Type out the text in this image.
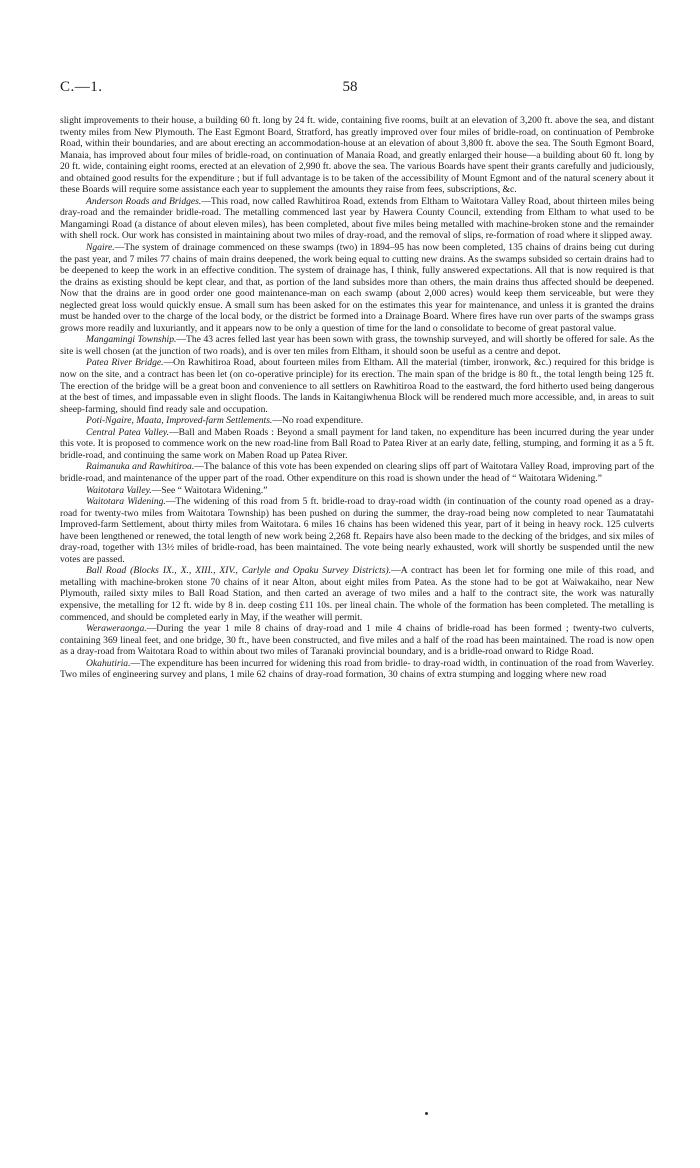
C.—1.	58

slight improvements to their house, a building 60 ft. long by 24 ft. wide, containing five rooms, built at an elevation of 3,200 ft. above the sea, and distant twenty miles from New Plymouth. The East Egmont Board, Stratford, has greatly improved over four miles of bridle-road, on continuation of Pembroke Road, within their boundaries, and are about erecting an accommodation-house at an elevation of about 3,800 ft. above the sea. The South Egmont Board, Manaia, has improved about four miles of bridle-road, on continuation of Manaia Road, and greatly enlarged their house—a building about 60 ft. long by 20 ft. wide, containing eight rooms, erected at an elevation of 2,990 ft. above the sea. The various Boards have spent their grants carefully and judiciously, and obtained good results for the expenditure ; but if full advantage is to be taken of the accessibility of Mount Egmont and of the natural scenery about it these Boards will require some assistance each year to supplement the amounts they raise from fees, subscriptions, &c.

Anderson Roads and Bridges.—This road, now called Rawhitiroa Road, extends from Eltham to Waitotara Valley Road, about thirteen miles being dray-road and the remainder bridle-road. The metalling commenced last year by Hawera County Council, extending from Eltham to what used to be Mangamingi Road (a distance of about eleven miles), has been completed, about five miles being metalled with machine-broken stone and the remainder with shell rock. Our work has consisted in maintaining about two miles of dray-road, and the removal of slips, re-formation of road where it slipped away.

Ngaire.—The system of drainage commenced on these swamps (two) in 1894–95 has now been completed, 135 chains of drains being cut during the past year, and 7 miles 77 chains of main drains deepened, the work being equal to cutting new drains. As the swamps subsided so certain drains had to be deepened to keep the work in an effective condition. The system of drainage has, I think, fully answered expectations. All that is now required is that the drains as existing should be kept clear, and that, as portion of the land subsides more than others, the main drains thus affected should be deepened. Now that the drains are in good order one good maintenance-man on each swamp (about 2,000 acres) would keep them serviceable, but were they neglected great loss would quickly ensue. A small sum has been asked for on the estimates this year for maintenance, and unless it is granted the drains must be handed over to the charge of the local body, or the district be formed into a Drainage Board. Where fires have run over parts of the swamps grass grows more readily and luxuriantly, and it appears now to be only a question of time for the land o consolidate to become of great pastoral value.

Mangamingi Township.—The 43 acres felled last year has been sown with grass, the township surveyed, and will shortly be offered for sale. As the site is well chosen (at the junction of two roads), and is over ten miles from Eltham, it should soon be useful as a centre and depot.

Patea River Bridge.—On Rawhitiroa Road, about fourteen miles from Eltham. All the material (timber, ironwork, &c.) required for this bridge is now on the site, and a contract has been let (on co-operative principle) for its erection. The main span of the bridge is 80 ft., the total length being 125 ft. The erection of the bridge will be a great boon and convenience to all settlers on Rawhitiroa Road to the eastward, the ford hitherto used being dangerous at the best of times, and impassable even in slight floods. The lands in Kaitangiwhenua Block will be rendered much more accessible, and, in areas to suit sheep-farming, should find ready sale and occupation.

Poti-Ngaire, Maata, Improved-farm Settlements.—No road expenditure.

Central Patea Valley.—Ball and Maben Roads : Beyond a small payment for land taken, no expenditure has been incurred during the year under this vote. It is proposed to commence work on the new road-line from Ball Road to Patea River at an early date, felling, stumping, and forming it as a 5 ft. bridle-road, and continuing the same work on Maben Road up Patea River.

Raimanuka and Rawhitiroa.—The balance of this vote has been expended on clearing slips off part of Waitotara Valley Road, improving part of the bridle-road, and maintenance of the upper part of the road. Other expenditure on this road is shown under the head of “ Waitotara Widening.”

Waitotara Valley.—See “ Waitotara Widening.”

Waitotara Widening.—The widening of this road from 5 ft. bridle-road to dray-road width (in continuation of the county road opened as a dray-road for twenty-two miles from Waitotara Township) has been pushed on during the summer, the dray-road being now completed to near Taumatatahi Improved-farm Settlement, about thirty miles from Waitotara. 6 miles 16 chains has been widened this year, part of it being in heavy rock. 125 culverts have been lengthened or renewed, the total length of new work being 2,268 ft. Repairs have also been made to the decking of the bridges, and six miles of dray-road, together with 13½ miles of bridle-road, has been maintained. The vote being nearly exhausted, work will shortly be suspended until the new votes are passed.

Ball Road (Blocks IX., X., XIII., XIV., Carlyle and Opaku Survey Districts).—A contract has been let for forming one mile of this road, and metalling with machine-broken stone 70 chains of it near Alton, about eight miles from Patea. As the stone had to be got at Waiwakaiho, near New Plymouth, railed sixty miles to Ball Road Station, and then carted an average of two miles and a half to the contract site, the work was naturally expensive, the metalling for 12 ft. wide by 8 in. deep costing £11 10s. per lineal chain. The whole of the formation has been completed. The metalling is commenced, and should be completed early in May, if the weather will permit.

Weraweraonga.—During the year 1 mile 8 chains of dray-road and 1 mile 4 chains of bridle-road has been formed ; twenty-two culverts, containing 369 lineal feet, and one bridge, 30 ft., have been constructed, and five miles and a half of the road has been maintained. The road is now open as a dray-road from Waitotara Road to within about two miles of Taranaki provincial boundary, and is a bridle-road onward to Ridge Road.

Okahutiria.—The expenditure has been incurred for widening this road from bridle- to dray-road width, in continuation of the road from Waverley. Two miles of engineering survey and plans, 1 mile 62 chains of dray-road formation, 30 chains of extra stumping and logging where new road
